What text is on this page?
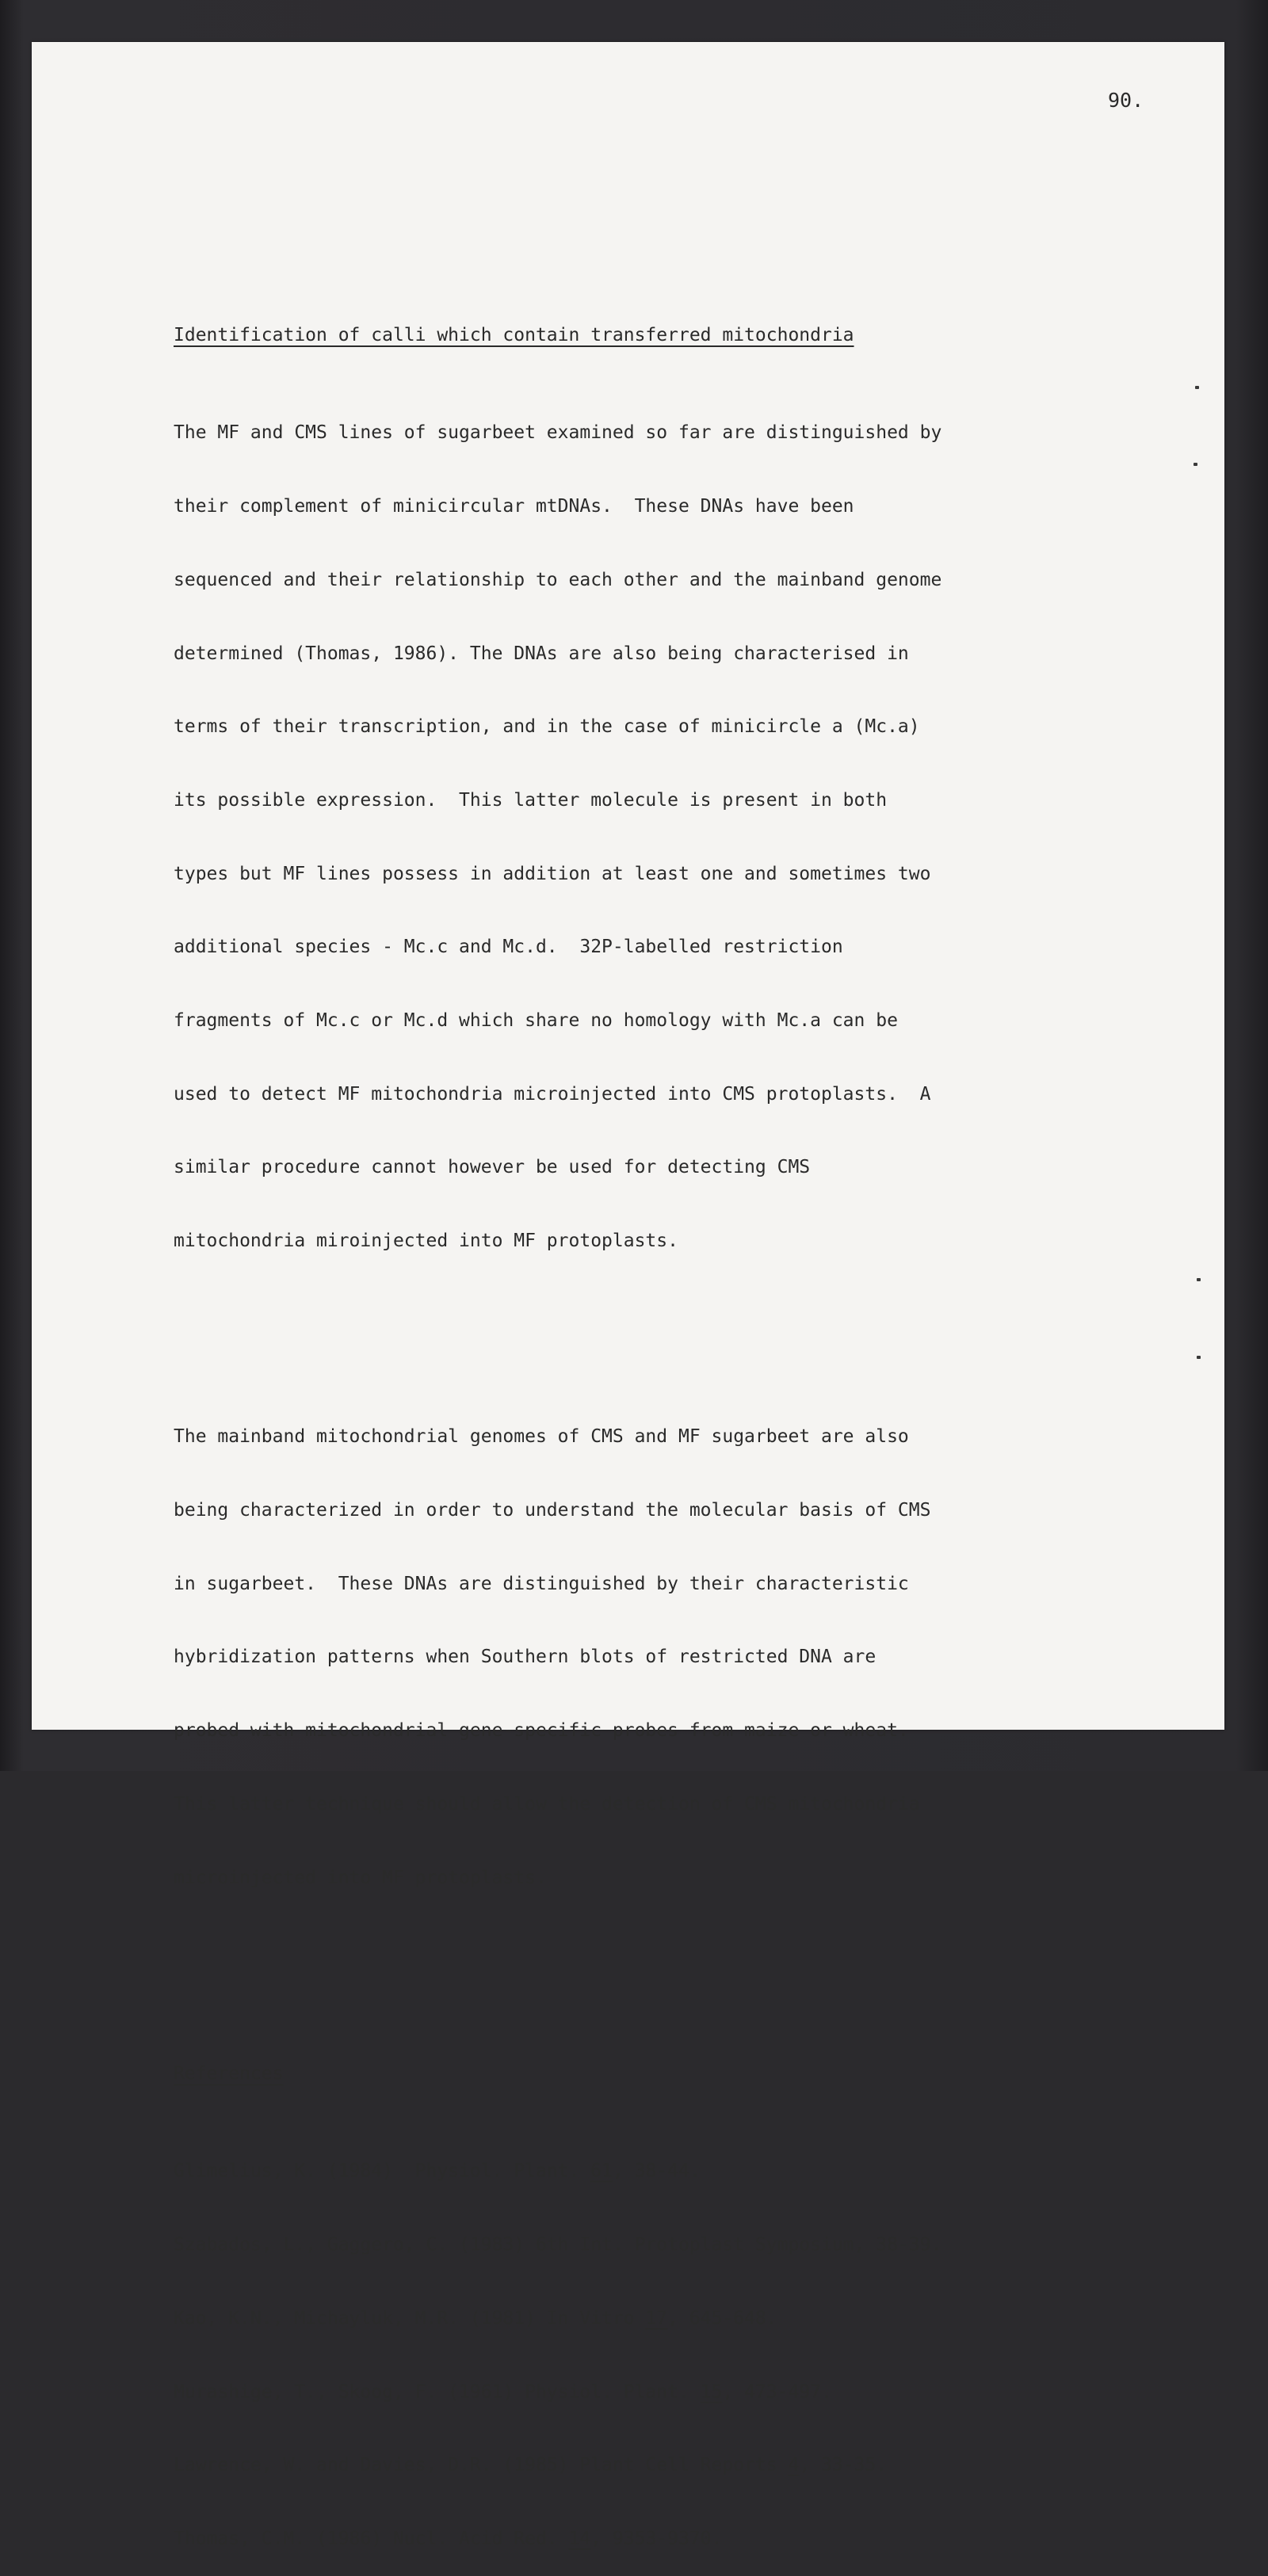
90.

Identification of calli which contain transferred mitochondria

The MF and CMS lines of sugarbeet examined so far are distinguished by

their complement of minicircular mtDNAs.  These DNAs have been

sequenced and their relationship to each other and the mainband genome

determined (Thomas, 1986). The DNAs are also being characterised in

terms of their transcription, and in the case of minicircle a (Mc.a)

its possible expression.  This latter molecule is present in both

types but MF lines possess in addition at least one and sometimes two

additional species - Mc.c and Mc.d.  32P-labelled restriction

fragments of Mc.c or Mc.d which share no homology with Mc.a can be

used to detect MF mitochondria microinjected into CMS protoplasts.  A

similar procedure cannot however be used for detecting CMS

mitochondria miroinjected into MF protoplasts.

The mainband mitochondrial genomes of CMS and MF sugarbeet are also

being characterized in order to understand the molecular basis of CMS

in sugarbeet.  These DNAs are distinguished by their characteristic

hybridization patterns when Southern blots of restricted DNA are

probed with mitochondrial gene-specific probes from maize or wheat.

This latter technique should allow the detection of CMS mitochondria

microinjected into MF protoplasts.

References

Glimelius, K. (1984)  Physiol. Plant. 61, 38-44.

Szabados, L., Gaggero, C. (1983) 6th Int. Protoplast Symposium, 38-39.

Kao, K.N., Michayluk, M.R. (1981) In Vitro 17, 645-648.

Murashige, T., Skoog, F. (1961) Physiol. Plant. 15, 473-497.

Lawrence, W. and Davies, D.R. (1985) Plant Cell Reports 4, 33-35.

Thomas, C.M. (1986) Nucl. Acid Red. 14, 9353-9370.
